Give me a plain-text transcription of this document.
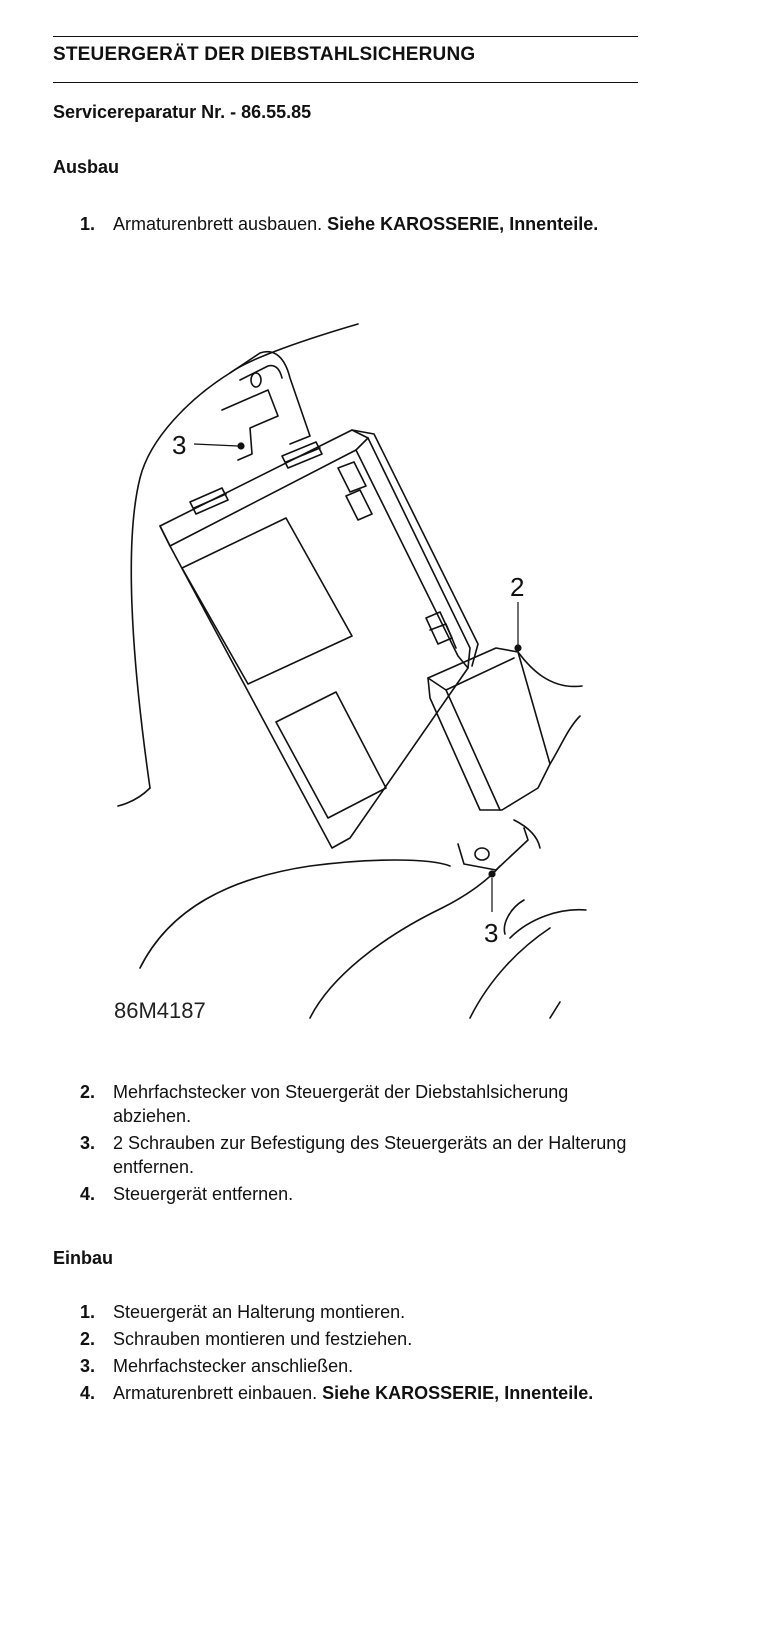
STEUERGERÄT DER DIEBSTAHLSICHERUNG
Servicereparatur Nr. - 86.55.85
Ausbau
1. Armaturenbrett ausbauen. Siehe KAROSSERIE, Innenteile.
3
2
3
86M4187
2. Mehrfachstecker von Steuergerät der Diebstahlsicherung abziehen.
3. 2 Schrauben zur Befestigung des Steuergeräts an der Halterung entfernen.
4. Steuergerät entfernen.
Einbau
1. Steuergerät an Halterung montieren.
2. Schrauben montieren und festziehen.
3. Mehrfachstecker anschließen.
4. Armaturenbrett einbauen. Siehe KAROSSERIE, Innenteile.
